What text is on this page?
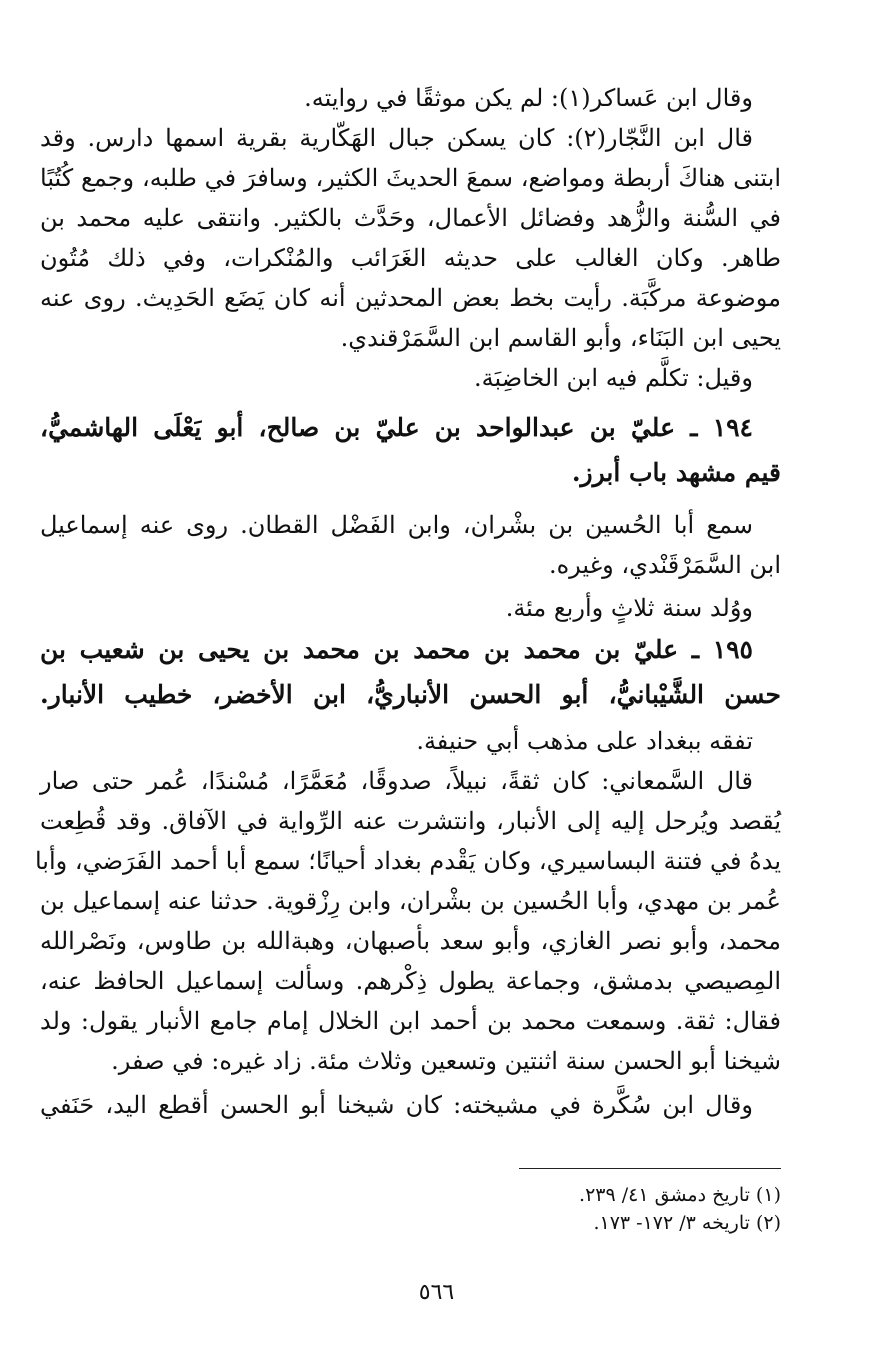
وقال ابن عَساكر(١): لم يكن موثقًا في روايته.
قال ابن النَّجّار(٢): كان يسكن جبال الهَكّارية بقرية اسمها دارس. وقد
ابتنى هناكَ أربطة ومواضع، سمعَ الحديثَ الكثير، وسافرَ في طلبه، وجمع كُتُبًا
في السُّنة والزُّهد وفضائل الأعمال، وحَدَّث بالكثير. وانتقى عليه محمد بن
طاهر. وكان الغالب على حديثه الغَرَائب والمُنْكرات، وفي ذلك مُتُون
موضوعة مركَّبَة. رأيت بخط بعض المحدثين أنه كان يَضَع الحَدِيث. روى عنه
يحيى ابن البَنَاء، وأبو القاسم ابن السَّمَرْقندي.
وقيل: تكلَّم فيه ابن الخاضِبَة.
١٩٤ ـ عليّ بن عبدالواحد بن عليّ بن صالح، أبو يَعْلَى الهاشميُّ،
قيم مشهد باب أبرز.
سمع أبا الحُسين بن بشْران، وابن الفَضْل القطان. روى عنه إسماعيل
ابن السَّمَرْقَنْدي، وغيره.
ووُلد سنة ثلاثٍ وأربع مئة.
١٩٥ ـ عليّ بن محمد بن محمد بن محمد بن يحيى بن شعيب بن
حسن الشَّيْبانيُّ، أبو الحسن الأنباريُّ، ابن الأخضر، خطيب الأنبار.
تفقه ببغداد على مذهب أبي حنيفة.
قال السَّمعاني: كان ثقةً، نبيلاً، صدوقًا، مُعَمَّرًا، مُسْندًا، عُمر حتى صار
يُقصد ويُرحل إليه إلى الأنبار، وانتشرت عنه الرِّواية في الآفاق. وقد قُطِعت
يدهُ في فتنة البساسيري، وكان يَقْدم بغداد أحيانًا؛ سمع أبا أحمد الفَرَضي، وأبا
عُمر بن مهدي، وأبا الحُسين بن بشْران، وابن رِزْقوية. حدثنا عنه إسماعيل بن
محمد، وأبو نصر الغازي، وأبو سعد بأصبهان، وهبةالله بن طاوس، ونَصْرالله
المِصيصي بدمشق، وجماعة يطول ذِكْرهم. وسألت إسماعيل الحافظ عنه،
فقال: ثقة. وسمعت محمد بن أحمد ابن الخلال إمام جامع الأنبار يقول: ولد
شيخنا أبو الحسن سنة اثنتين وتسعين وثلاث مئة. زاد غيره: في صفر.
وقال ابن سُكَّرة في مشيخته: كان شيخنا أبو الحسن أقطع اليد، حَنَفي
(١) تاريخ دمشق ٤١/ ٢٣٩.
(٢) تاريخه ٣/ ١٧٢- ١٧٣.
٥٦٦
